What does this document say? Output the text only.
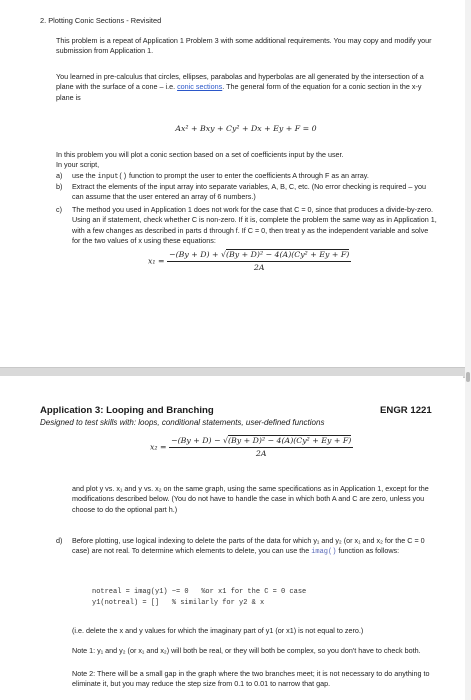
2. Plotting Conic Sections - Revisited
This problem is a repeat of Application 1 Problem 3 with some additional requirements. You may copy and modify your submission from Application 1.
You learned in pre-calculus that circles, ellipses, parabolas and hyperbolas are all generated by the intersection of a plane with the surface of a cone – i.e. conic sections. The general form of the equation for a conic section in the x-y plane is
Ax² + Bxy + Cy² + Dx + Ey + F = 0
In this problem you will plot a conic section based on a set of coefficients input by the user.
In your script,
a) use the input() function to prompt the user to enter the coefficients A through F as an array.
b) Extract the elements of the input array into separate variables, A, B, C, etc. (No error checking is required – you can assume that the user entered an array of 6 numbers.)
c) The method you used in Application 1 does not work for the case that C = 0, since that produces a divide-by-zero. Using an if statement, check whether C is non-zero. If it is, complete the problem the same way as in Application 1, with a few changes as described in parts d through f. If C = 0, then treat y as the independent variable and solve for the two values of x using these equations:
$x_1 = \frac{\text{−(By + D) + √(By + D)² − 4(A)(Cy² + Ey + F)}}{2A}$
Application 3: Looping and Branching	ENGR 1221
Designed to test skills with: loops, conditional statements, user-defined functions
$x_2 = \frac{\text{−(By + D) − √(By + D)² − 4(A)(Cy² + Ey + F)}}{2A}$
and plot y vs. x₁ and y vs. x₂ on the same graph, using the same specifications as in Application 1, except for the modifications described below. (You do not have to handle the case in which both A and C are zero, unless you choose to do the optional part h.)
d) Before plotting, use logical indexing to delete the parts of the data for which y₁ and y₂ (or x₁ and x₂ for the C = 0 case) are not real. To determine which elements to delete, you can use the imag() function as follows:
notreal = imag(y1) ~= 0   %or x1 for the C = 0 case
y1(notreal) = []   % similarly for y2 & x
(i.e. delete the x and y values for which the imaginary part of y1 (or x1) is not equal to zero.)
Note 1: y₁ and y₂ (or x₁ and x₂) will both be real, or they will both be complex, so you don't have to check both.
Note 2: There will be a small gap in the graph where the two branches meet; it is not necessary to do anything to eliminate it, but you may reduce the step size from 0.1 to 0.01 to narrow that gap.
